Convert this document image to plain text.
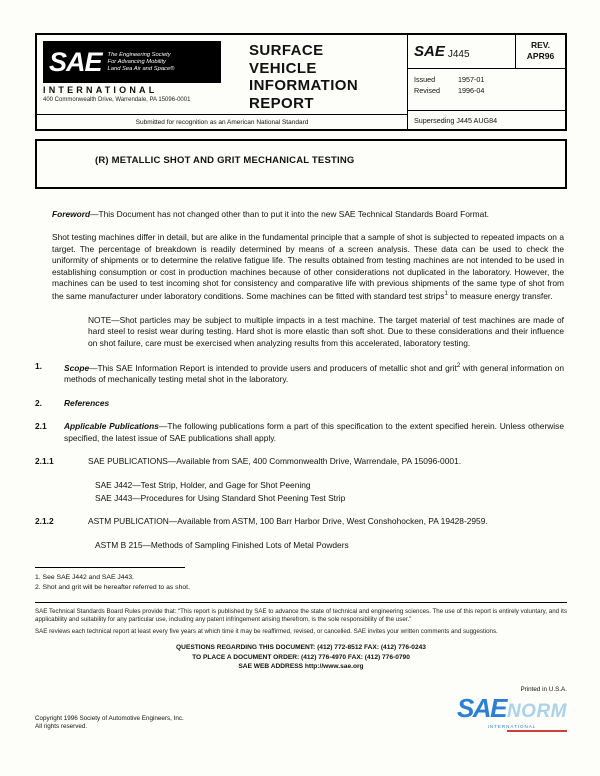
SAE The Engineering Society
For Advancing Mobility
Land Sea Air and Space®
INTERNATIONAL
400 Commonwealth Drive, Warrendale, PA 15096-0001
SURFACE
VEHICLE
INFORMATION
REPORT
Submitted for recognition as an American National Standard
SAE J445
REV.
APR96
Issued	1957-01
Revised	1996-04
Superseding J445 AUG84
(R) METALLIC SHOT AND GRIT MECHANICAL TESTING

Foreword—This Document has not changed other than to put it into the new SAE Technical Standards Board Format.

Shot testing machines differ in detail, but are alike in the fundamental principle that a sample of shot is subjected to repeated impacts on a target. The percentage of breakdown is readily determined by means of a screen analysis. These data can be used to check the uniformity of shipments or to determine the relative fatigue life. The results obtained from testing machines are not intended to be used in establishing consumption or cost in production machines because of other considerations not duplicated in the laboratory. However, the machines can be used to test incoming shot for consistency and comparative life with previous shipments of the same type of shot from the same manufacturer under laboratory conditions. Some machines can be fitted with standard test strips$^1$ to measure energy transfer.

NOTE—Shot particles may be subject to multiple impacts in a test machine. The target material of test machines are made of hard steel to resist wear during testing. Hard shot is more elastic than soft shot. Due to these considerations and their influence on shot failure, care must be exercised when analyzing results from this accelerated, laboratory testing.

1.	Scope—This SAE Information Report is intended to provide users and producers of metallic shot and grit$^2$ with general information on methods of mechanically testing metal shot in the laboratory.

2.	References

2.1 Applicable Publications—The following publications form a part of this specification to the extent specified herein. Unless otherwise specified, the latest issue of SAE publications shall apply.

2.1.1	SAE PUBLICATIONS—Available from SAE, 400 Commonwealth Drive, Warrendale, PA 15096-0001.

SAE J442—Test Strip, Holder, and Gage for Shot Peening
SAE J443—Procedures for Using Standard Shot Peening Test Strip

2.1.2	ASTM PUBLICATION—Available from ASTM, 100 Barr Harbor Drive, West Conshohocken, PA 19428-2959.

ASTM B 215—Methods of Sampling Finished Lots of Metal Powders
1. See SAE J442 and SAE J443.
2. Shot and grit will be hereafter referred to as shot.

SAE Technical Standards Board Rules provide that: “This report is published by SAE to advance the state of technical and engineering sciences. The use of this report is entirely voluntary, and its applicability and suitability for any particular use, including any patent infringement arising therefrom, is the sole responsibility of the user.”

SAE reviews each technical report at least every five years at which time it may be reaffirmed, revised, or cancelled. SAE invites your written comments and suggestions.

QUESTIONS REGARDING THIS DOCUMENT: (412) 772-8512 FAX: (412) 776-0243
TO PLACE A DOCUMENT ORDER: (412) 776-4970 FAX: (412) 776-0790
SAE WEB ADDRESS http://www.sae.org
Copyright 1996 Society of Automotive Engineers, Inc.
All rights reserved.
Printed in U.S.A.
SAE NORM
INTERNATIONAL
